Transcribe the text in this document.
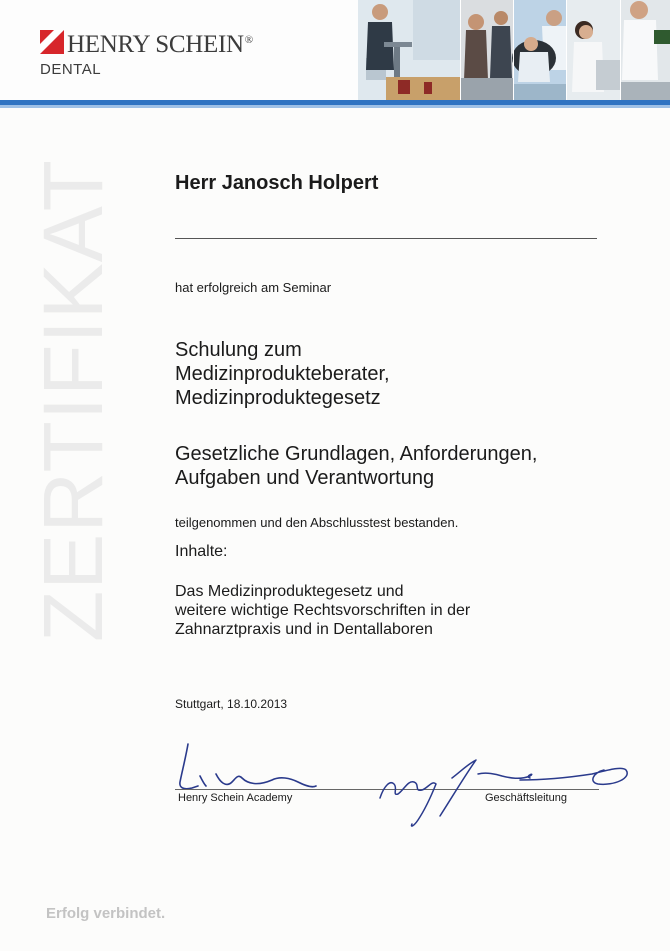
HENRY SCHEIN®
DENTAL
ZERTIFIKAT	Herr Janosch Holpert
hat erfolgreich am Seminar
Schulung zum
Medizinprodukteberater,
Medizinproduktegesetz
Gesetzliche Grundlagen, Anforderungen,
Aufgaben und Verantwortung
teilgenommen und den Abschlusstest bestanden.
Inhalte:
Das Medizinproduktegesetz und
weitere wichtige Rechtsvorschriften in der
Zahnarztpraxis und in Dentallaboren
Stuttgart, 18.10.2013
Henry Schein Academy	Geschäftsleitung
Erfolg verbindet.
